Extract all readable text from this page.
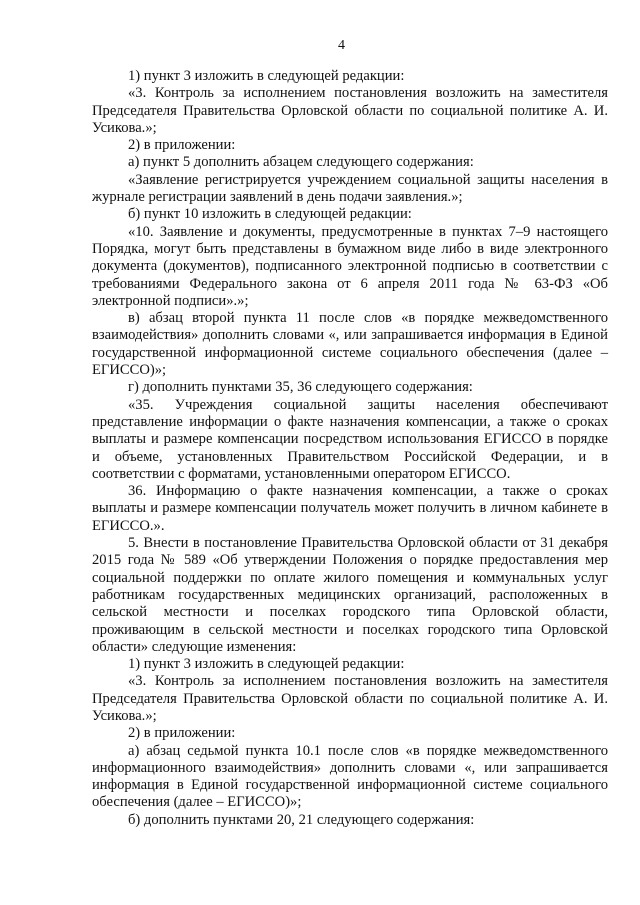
4

1) пункт 3 изложить в следующей редакции:

«3. Контроль за исполнением постановления возложить на заместителя Председателя Правительства Орловской области по социальной политике А. И. Усикова.»;

2) в приложении:

а) пункт 5 дополнить абзацем следующего содержания:

«Заявление регистрируется учреждением социальной защиты населения в журнале регистрации заявлений в день подачи заявления.»;

б) пункт 10 изложить в следующей редакции:

«10. Заявление и документы, предусмотренные в пунктах 7–9 настоящего Порядка, могут быть представлены в бумажном виде либо в виде электронного документа (документов), подписанного электронной подписью в соответствии с требованиями Федерального закона от 6 апреля 2011 года № 63-ФЗ «Об электронной подписи».»;

в) абзац второй пункта 11 после слов «в порядке межведомственного взаимодействия» дополнить словами «, или запрашивается информация в Единой государственной информационной системе социального обеспечения (далее – ЕГИССО)»;

г) дополнить пунктами 35, 36 следующего содержания:

«35. Учреждения социальной защиты населения обеспечивают представление информации о факте назначения компенсации, а также о сроках выплаты и размере компенсации посредством использования ЕГИССО в порядке и объеме, установленных Правительством Российской Федерации, и в соответствии с форматами, установленными оператором ЕГИССО.

36. Информацию о факте назначения компенсации, а также о сроках выплаты и размере компенсации получатель может получить в личном кабинете в ЕГИССО.».

5. Внести в постановление Правительства Орловской области от 31 декабря 2015 года № 589 «Об утверждении Положения о порядке предоставления мер социальной поддержки по оплате жилого помещения и коммунальных услуг работникам государственных медицинских организаций, расположенных в сельской местности и поселках городского типа Орловской области, проживающим в сельской местности и поселках городского типа Орловской области» следующие изменения:

1) пункт 3 изложить в следующей редакции:

«3. Контроль за исполнением постановления возложить на заместителя Председателя Правительства Орловской области по социальной политике А. И. Усикова.»;

2) в приложении:

а) абзац седьмой пункта 10.1 после слов «в порядке межведомственного информационного взаимодействия» дополнить словами «, или запрашивается информация в Единой государственной информационной системе социального обеспечения (далее – ЕГИССО)»;

б) дополнить пунктами 20, 21 следующего содержания:
